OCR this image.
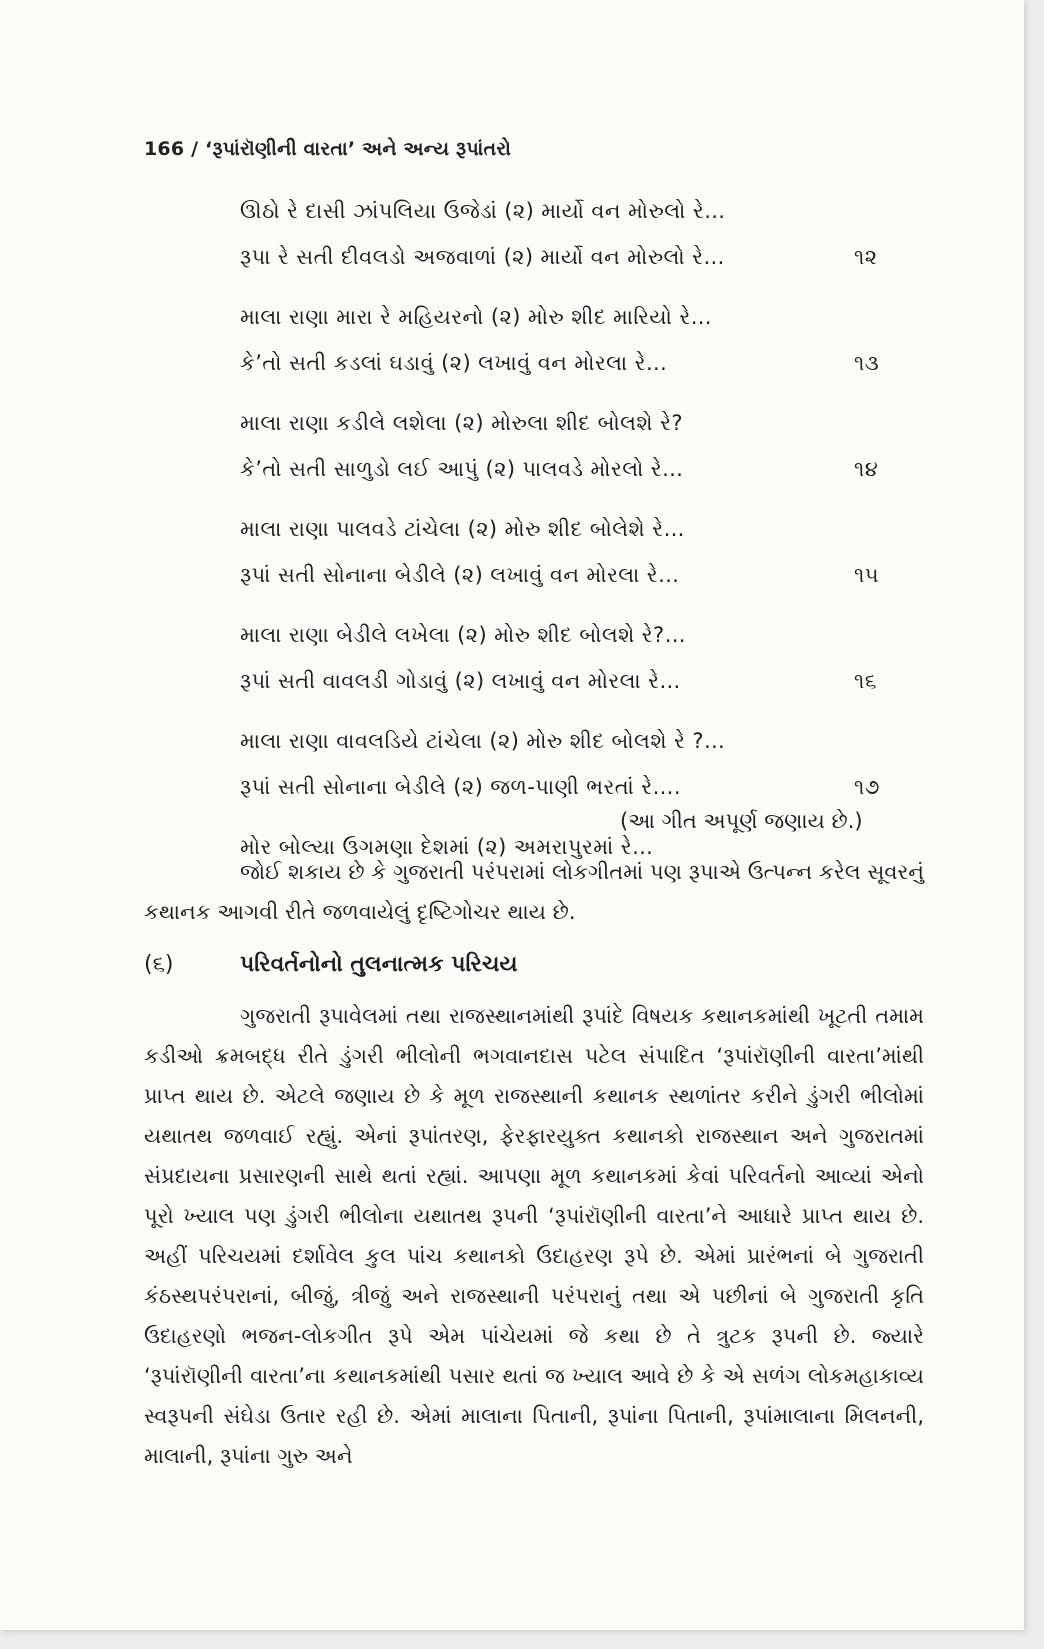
166 / ‘રૂપાંરૉણીની વારતા’ અને અન્ય રૂપાંતરો
ઊઠો રે દાસી ઝાંપલિયા ઉજેડાં (૨) માર્યો વન મોરુલો રે…
રૂપા રે સતી દીવલડો અજવાળાં (૨) માર્યો વન મોરુલો રે…	૧૨
માલા રાણા મારા રે મહિયરનો (૨) મોરુ શીદ મારિયો રે…
કે’તો સતી કડલાં ઘડાવું (૨) લખાવું વન મોરલા રે…	૧૩
માલા રાણા કડીલે લશેલા (૨) મોરુલા શીદ બોલશે રે?
કે’તો સતી સાળુડો લઈ આપું (૨) પાલવડે મોરલો રે…	૧૪
માલા રાણા પાલવડે ટાંચેલા (૨) મોરુ શીદ બોલેશે રે…
રૂપાં સતી સોનાના બેડીલે (૨) લખાવું વન મોરલા રે…	૧૫
માલા રાણા બેડીલે લખેલા (૨) મોરુ શીદ બોલશે રે?…
રૂપાં સતી વાવલડી ગોડાવું (૨) લખાવું વન મોરલા રે…	૧૬
માલા રાણા વાવલડિયે ટાંચેલા (૨) મોરુ શીદ બોલશે રે ?…
રૂપાં સતી સોનાના બેડીલે (૨) જળ-પાણી ભરતાં રે….	૧૭
મોર બોલ્યા ઉગમણા દેશમાં (૨) અમરાપુરમાં રે…
(આ ગીત અપૂર્ણ જણાય છે.)

જોઈ શકાય છે કે ગુજરાતી પરંપરામાં લોકગીતમાં પણ રૂપાએ ઉત્પન્ન કરેલ સૂવરનું કથાનક આગવી રીતે જળવાયેલું દૃષ્ટિગોચર થાય છે.

(૬)	પરિવર્તનોનો તુલનાત્મક પરિચય

ગુજરાતી રૂપાવેલમાં તથા રાજસ્થાનમાંથી રૂપાંદે વિષયક કથાનકમાંથી ખૂટતી તમામ કડીઓ ક્રમબદ્ધ રીતે ડુંગરી ભીલોની ભગવાનદાસ પટેલ સંપાદિત ‘રૂપાંરૉણીની વારતા’માંથી પ્રાપ્ત થાય છે. એટલે જણાય છે કે મૂળ રાજસ્થાની કથાનક સ્થળાંતર કરીને ડુંગરી ભીલોમાં યથાતથ જળવાઈ રહ્યું. એનાં રૂપાંતરણ, ફેરફારયુક્ત કથાનકો રાજસ્થાન અને ગુજરાતમાં સંપ્રદાયના પ્રસારણની સાથે થતાં રહ્યાં. આપણા મૂળ કથાનકમાં કેવાં પરિવર્તનો આવ્યાં એનો પૂરો ખ્યાલ પણ ડુંગરી ભીલોના યથાતથ રૂપની ‘રૂપાંરૉણીની વારતા’ને આધારે પ્રાપ્ત થાય છે. અહીં પરિચયમાં દર્શાવેલ કુલ પાંચ કથાનકો ઉદાહરણ રૂપે છે. એમાં પ્રારંભનાં બે ગુજરાતી કંઠસ્થપરંપરાનાં, બીજું, ત્રીજું અને રાજસ્થાની પરંપરાનું તથા એ પછીનાં બે ગુજરાતી કૃતિ ઉદાહરણો ભજન-લોકગીત રૂપે એમ પાંચેયમાં જે કથા છે તે ત્રુટક રૂપની છે. જ્યારે ‘રૂપાંરૉણીની વારતા’ના કથાનકમાંથી પસાર થતાં જ ખ્યાલ આવે છે કે એ સળંગ લોકમહાકાવ્ય સ્વરૂપની સંઘેડા ઉતાર રહી છે. એમાં માલાના પિતાની, રૂપાંના પિતાની, રૂપાંમાલાના મિલનની, માલાની, રૂપાંના ગુરુ અને
